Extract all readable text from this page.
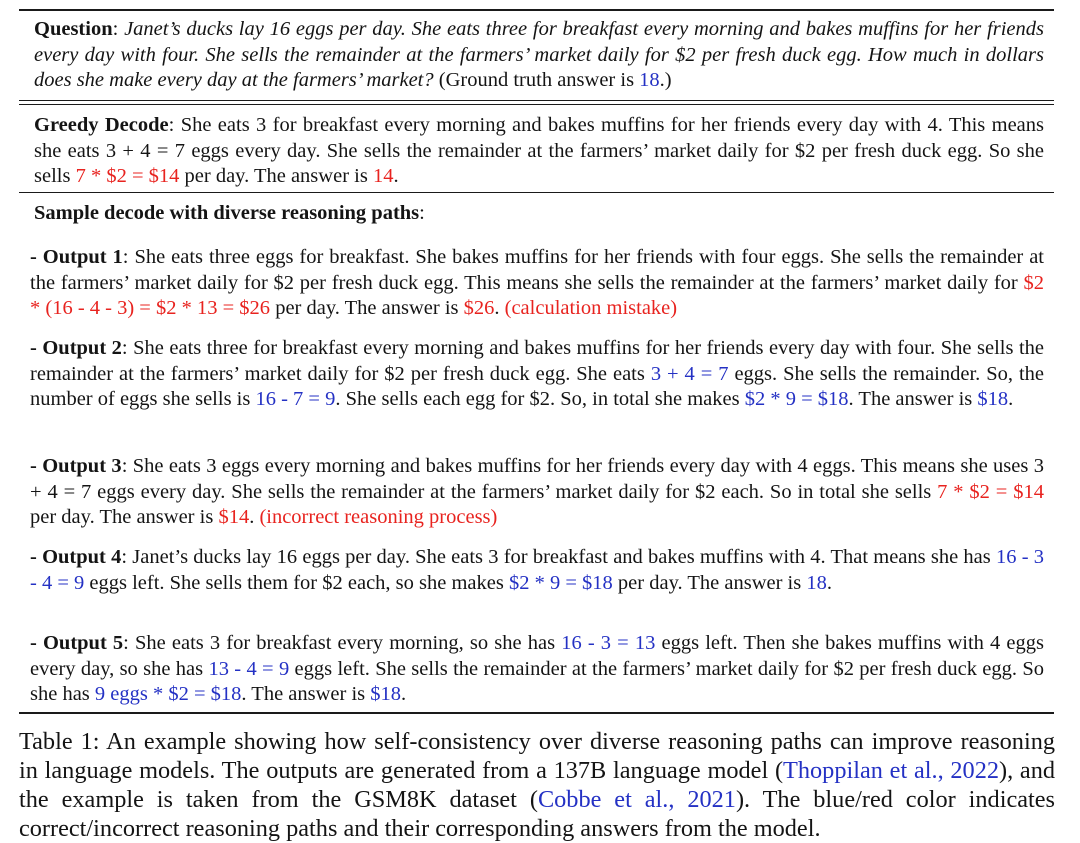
Question: Janet’s ducks lay 16 eggs per day. She eats three for breakfast every morning and bakes muffins for her friends every day with four. She sells the remainder at the farmers’ market daily for $2 per fresh duck egg. How much in dollars does she make every day at the farmers’ market? (Ground truth answer is 18.)

Greedy Decode: She eats 3 for breakfast every morning and bakes muffins for her friends every day with 4. This means she eats 3 + 4 = 7 eggs every day. She sells the remainder at the farmers’ market daily for $2 per fresh duck egg. So she sells 7 * $2 = $14 per day. The answer is 14.

Sample decode with diverse reasoning paths:

- Output 1: She eats three eggs for breakfast. She bakes muffins for her friends with four eggs. She sells the remainder at the farmers’ market daily for $2 per fresh duck egg. This means she sells the remainder at the farmers’ market daily for $2 * (16 - 4 - 3) = $2 * 13 = $26 per day. The answer is $26. (calculation mistake)

- Output 2: She eats three for breakfast every morning and bakes muffins for her friends every day with four. She sells the remainder at the farmers’ market daily for $2 per fresh duck egg. She eats 3 + 4 = 7 eggs. She sells the remainder. So, the number of eggs she sells is 16 - 7 = 9. She sells each egg for $2. So, in total she makes $2 * 9 = $18. The answer is $18.

- Output 3: She eats 3 eggs every morning and bakes muffins for her friends every day with 4 eggs. This means she uses 3 + 4 = 7 eggs every day. She sells the remainder at the farmers’ market daily for $2 each. So in total she sells 7 * $2 = $14 per day. The answer is $14. (incorrect reasoning process)

- Output 4: Janet’s ducks lay 16 eggs per day. She eats 3 for breakfast and bakes muffins with 4. That means she has 16 - 3 - 4 = 9 eggs left. She sells them for $2 each, so she makes $2 * 9 = $18 per day. The answer is 18.

- Output 5: She eats 3 for breakfast every morning, so she has 16 - 3 = 13 eggs left. Then she bakes muffins with 4 eggs every day, so she has 13 - 4 = 9 eggs left. She sells the remainder at the farmers’ market daily for $2 per fresh duck egg. So she has 9 eggs * $2 = $18. The answer is $18.

Table 1: An example showing how self-consistency over diverse reasoning paths can improve reasoning in language models. The outputs are generated from a 137B language model (Thoppilan et al., 2022), and the example is taken from the GSM8K dataset (Cobbe et al., 2021). The blue/red color indicates correct/incorrect reasoning paths and their corresponding answers from the model.
